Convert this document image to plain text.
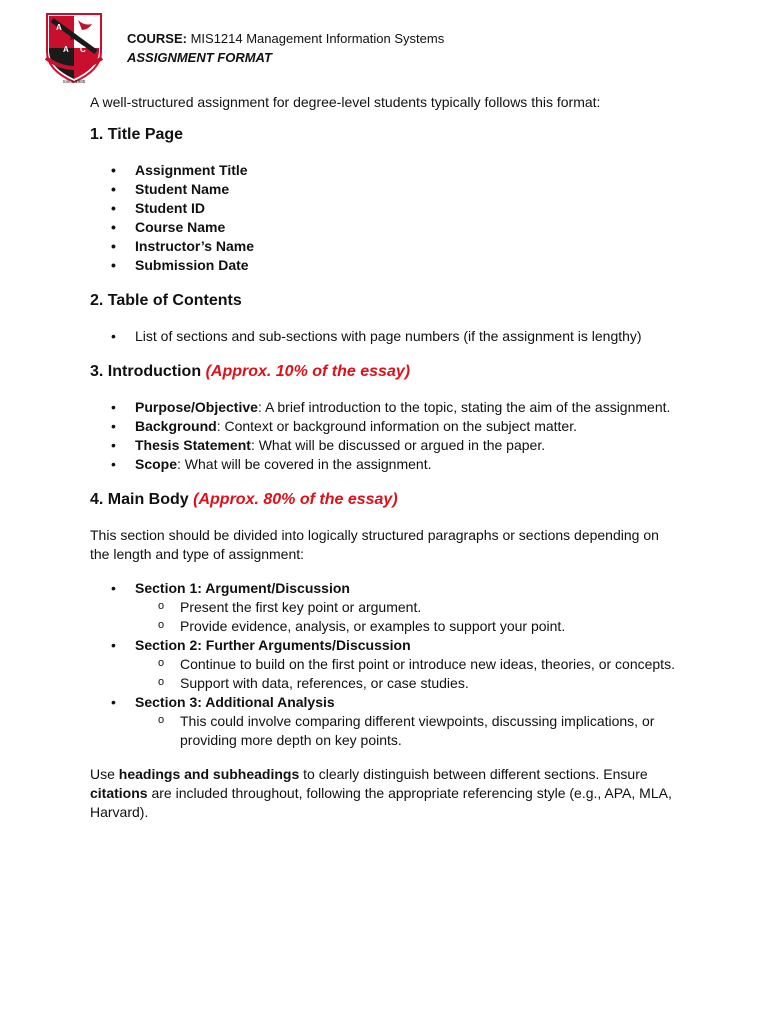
A
M
A C
Since 1985
COURSE: MIS1214 Management Information Systems
ASSIGNMENT FORMAT

A well-structured assignment for degree-level students typically follows this format:

1. Title Page
• Assignment Title
• Student Name
• Student ID
• Course Name
• Instructor’s Name
• Submission Date
2. Table of Contents
• List of sections and sub-sections with page numbers (if the assignment is lengthy)
3. Introduction (Approx. 10% of the essay)
• Purpose/Objective: A brief introduction to the topic, stating the aim of the assignment.
• Background: Context or background information on the subject matter.
• Thesis Statement: What will be discussed or argued in the paper.
• Scope: What will be covered in the assignment.
4. Main Body (Approx. 80% of the essay)

This section should be divided into logically structured paragraphs or sections depending on the length and type of assignment:

• Section 1: Argument/Discussion
o Present the first key point or argument.
o Provide evidence, analysis, or examples to support your point.
• Section 2: Further Arguments/Discussion
o Continue to build on the first point or introduce new ideas, theories, or concepts.
o Support with data, references, or case studies.
• Section 3: Additional Analysis
o This could involve comparing different viewpoints, discussing implications, or providing more depth on key points.

Use headings and subheadings to clearly distinguish between different sections. Ensure citations are included throughout, following the appropriate referencing style (e.g., APA, MLA, Harvard).
